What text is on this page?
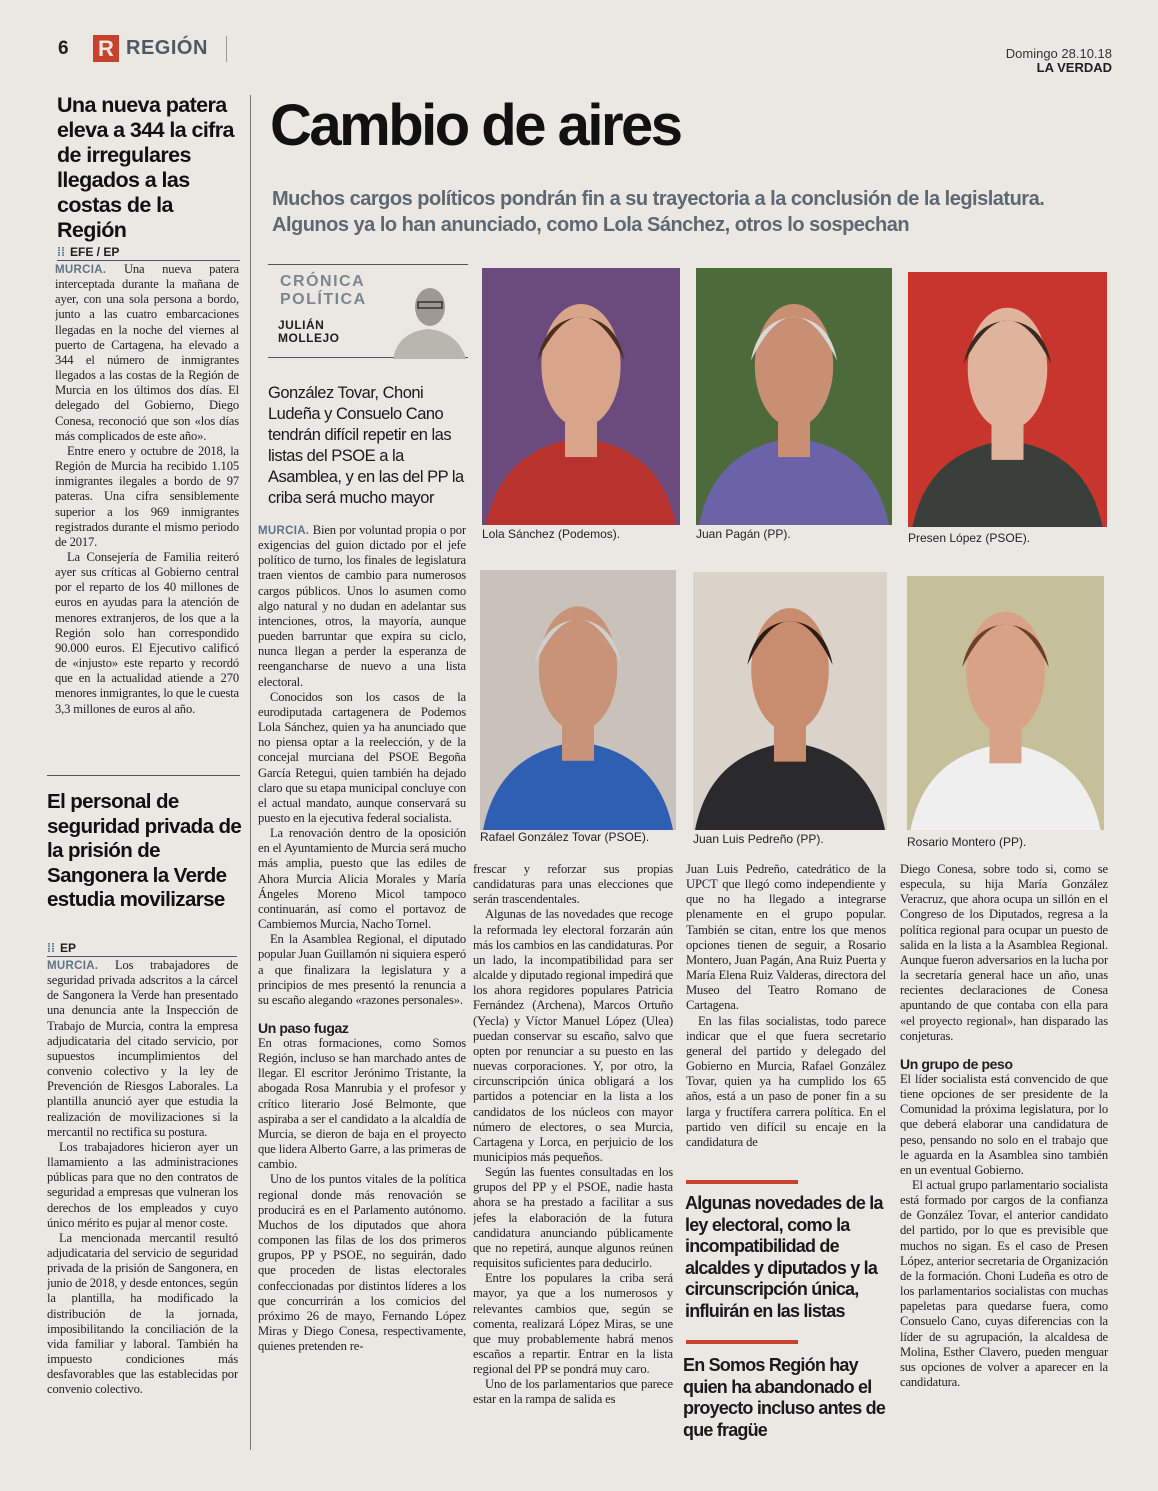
6 R REGIÓN	Domingo 28.10.18
LA VERDAD
Una nueva patera eleva a 344 la cifra de irregulares llegados a las costas de la Región
⁞⁞ EFE / EP

MURCIA. Una nueva patera interceptada durante la mañana de ayer, con una sola persona a bordo, junto a las cuatro embarcaciones llegadas en la noche del viernes al puerto de Cartagena, ha elevado a 344 el número de inmigrantes llegados a las costas de la Región de Murcia en los últimos dos días. El delegado del Gobierno, Diego Conesa, reconoció que son «los días más complicados de este año».

Entre enero y octubre de 2018, la Región de Murcia ha recibido 1.105 inmigrantes ilegales a bordo de 97 pateras. Una cifra sensiblemente superior a los 969 inmigrantes registrados durante el mismo periodo de 2017.

La Consejería de Familia reiteró ayer sus críticas al Gobierno central por el reparto de los 40 millones de euros en ayudas para la atención de menores extranjeros, de los que a la Región solo han correspondido 90.000 euros. El Ejecutivo calificó de «injusto» este reparto y recordó que en la actualidad atiende a 270 menores inmigrantes, lo que le cuesta 3,3 millones de euros al año.

El personal de seguridad privada de la prisión de Sangonera la Verde estudia movilizarse
⁞⁞ EP

MURCIA. Los trabajadores de seguridad privada adscritos a la cárcel de Sangonera la Verde han presentado una denuncia ante la Inspección de Trabajo de Murcia, contra la empresa adjudicataria del citado servicio, por supuestos incumplimientos del convenio colectivo y la ley de Prevención de Riesgos Laborales. La plantilla anunció ayer que estudia la realización de movilizaciones si la mercantil no rectifica su postura.

Los trabajadores hicieron ayer un llamamiento a las administraciones públicas para que no den contratos de seguridad a empresas que vulneran los derechos de los empleados y cuyo único mérito es pujar al menor coste.

La mencionada mercantil resultó adjudicataria del servicio de seguridad privada de la prisión de Sangonera, en junio de 2018, y desde entonces, según la plantilla, ha modificado la distribución de la jornada, imposibilitando la conciliación de la vida familiar y laboral. También ha impuesto condiciones más desfavorables que las establecidas por convenio colectivo.

Cambio de aires
Muchos cargos políticos pondrán fin a su trayectoria a la conclusión de la legislatura. Algunos ya lo han anunciado, como Lola Sánchez, otros lo sospechan
CRÓNICA POLÍTICA
JULIÁN MOLLEJO
González Tovar, Choni Ludeña y Consuelo Cano tendrán difícil repetir en las listas del PSOE a la Asamblea, y en las del PP la criba será mucho mayor
Lola Sánchez (Podemos).	Juan Pagán (PP).	Presen López (PSOE).
Rafael González Tovar (PSOE).	Juan Luis Pedreño (PP).	Rosario Montero (PP).

MURCIA. Bien por voluntad propia o por exigencias del guion dictado por el jefe político de turno, los finales de legislatura traen vientos de cambio para numerosos cargos públicos. Unos lo asumen como algo natural y no dudan en adelantar sus intenciones, otros, la mayoría, aunque pueden barruntar que expira su ciclo, nunca llegan a perder la esperanza de reengancharse de nuevo a una lista electoral.

Conocidos son los casos de la eurodiputada cartagenera de Podemos Lola Sánchez, quien ya ha anunciado que no piensa optar a la reelección, y de la concejal murciana del PSOE Begoña García Retegui, quien también ha dejado claro que su etapa municipal concluye con el actual mandato, aunque conservará su puesto en la ejecutiva federal socialista.

La renovación dentro de la oposición en el Ayuntamiento de Murcia será mucho más amplia, puesto que las ediles de Ahora Murcia Alicia Morales y María Ángeles Moreno Micol tampoco continuarán, así como el portavoz de Cambiemos Murcia, Nacho Tornel.

En la Asamblea Regional, el diputado popular Juan Guillamón ni siquiera esperó a que finalizara la legislatura y a principios de mes presentó la renuncia a su escaño alegando «razones personales».

Un paso fugaz

En otras formaciones, como Somos Región, incluso se han marchado antes de llegar. El escritor Jerónimo Tristante, la abogada Rosa Manrubia y el profesor y crítico literario José Belmonte, que aspiraba a ser el candidato a la alcaldía de Murcia, se dieron de baja en el proyecto que lidera Alberto Garre, a las primeras de cambio.

Uno de los puntos vitales de la política regional donde más renovación se producirá es en el Parlamento autónomo. Muchos de los diputados que ahora componen las filas de los dos primeros grupos, PP y PSOE, no seguirán, dado que proceden de listas electorales confeccionadas por distintos líderes a los que concurrirán a los comicios del próximo 26 de mayo, Fernando López Miras y Diego Conesa, respectivamente, quienes pretenden re-

frescar y reforzar sus propias candidaturas para unas elecciones que serán trascendentales.

Algunas de las novedades que recoge la reformada ley electoral forzarán aún más los cambios en las candidaturas. Por un lado, la incompatibilidad para ser alcalde y diputado regional impedirá que los ahora regidores populares Patricia Fernández (Archena), Marcos Ortuño (Yecla) y Víctor Manuel López (Ulea) puedan conservar su escaño, salvo que opten por renunciar a su puesto en las nuevas corporaciones. Y, por otro, la circunscripción única obligará a los partidos a potenciar en la lista a los candidatos de los núcleos con mayor número de electores, o sea Murcia, Cartagena y Lorca, en perjuicio de los municipios más pequeños.

Según las fuentes consultadas en los grupos del PP y el PSOE, nadie hasta ahora se ha prestado a facilitar a sus jefes la elaboración de la futura candidatura anunciando públicamente que no repetirá, aunque algunos reúnen requisitos suficientes para deducirlo.

Entre los populares la criba será mayor, ya que a los numerosos y relevantes cambios que, según se comenta, realizará López Miras, se une que muy probablemente habrá menos escaños a repartir. Entrar en la lista regional del PP se pondrá muy caro.

Uno de los parlamentarios que parece estar en la rampa de salida es

Juan Luis Pedreño, catedrático de la UPCT que llegó como independiente y que no ha llegado a integrarse plenamente en el grupo popular. También se citan, entre los que menos opciones tienen de seguir, a Rosario Montero, Juan Pagán, Ana Ruiz Puerta y María Elena Ruiz Valderas, directora del Museo del Teatro Romano de Cartagena.

En las filas socialistas, todo parece indicar que el que fuera secretario general del partido y delegado del Gobierno en Murcia, Rafael González Tovar, quien ya ha cumplido los 65 años, está a un paso de poner fin a su larga y fructífera carrera política. En el partido ven difícil su encaje en la candidatura de

Diego Conesa, sobre todo si, como se especula, su hija María González Veracruz, que ahora ocupa un sillón en el Congreso de los Diputados, regresa a la política regional para ocupar un puesto de salida en la lista a la Asamblea Regional. Aunque fueron adversarios en la lucha por la secretaría general hace un año, unas recientes declaraciones de Conesa apuntando de que contaba con ella para «el proyecto regional», han disparado las conjeturas.

Un grupo de peso

El líder socialista está convencido de que tiene opciones de ser presidente de la Comunidad la próxima legislatura, por lo que deberá elaborar una candidatura de peso, pensando no solo en el trabajo que le aguarda en la Asamblea sino también en un eventual Gobierno.

El actual grupo parlamentario socialista está formado por cargos de la confianza de González Tovar, el anterior candidato del partido, por lo que es previsible que muchos no sigan. Es el caso de Presen López, anterior secretaria de Organización de la formación. Choni Ludeña es otro de los parlamentarios socialistas con muchas papeletas para quedarse fuera, como Consuelo Cano, cuyas diferencias con la líder de su agrupación, la alcaldesa de Molina, Esther Clavero, pueden menguar sus opciones de volver a aparecer en la candidatura.

Algunas novedades de la ley electoral, como la incompatibilidad de alcaldes y diputados y la circunscripción única, influirán en las listas
En Somos Región hay quien ha abandonado el proyecto incluso antes de que fragüe
